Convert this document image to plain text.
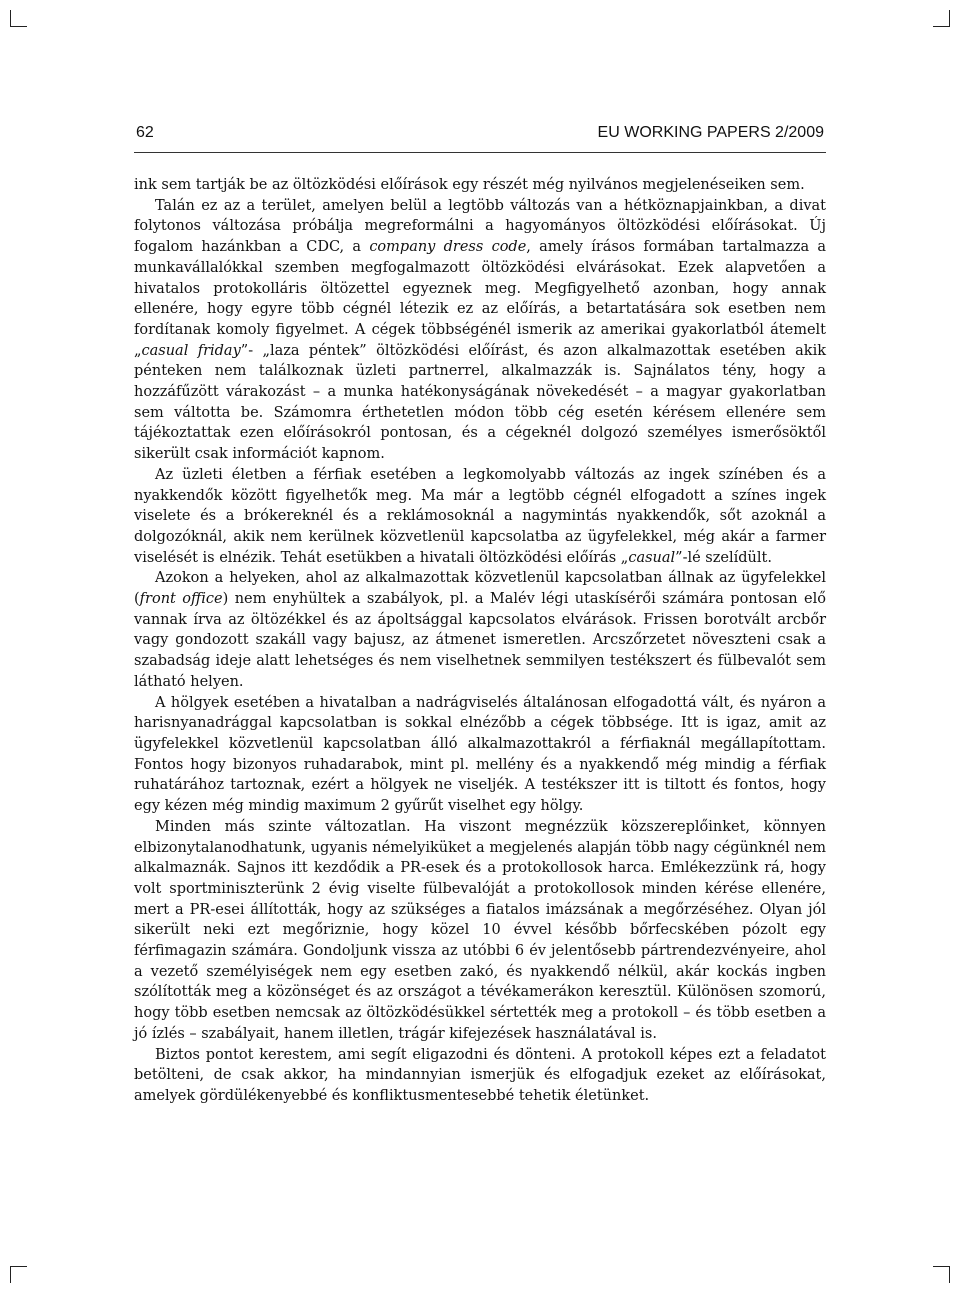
62	EU WORKING PAPERS 2/2009

ink sem tartják be az öltözködési előírások egy részét még nyilvános megjelenéseiken sem.

Talán ez az a terület, amelyen belül a legtöbb változás van a hétköznapjainkban, a divat folytonos változása próbálja megreformálni a hagyományos öltözködési előírásokat. Új fogalom hazánkban a CDC, a company dress code, amely írásos formában tartalmazza a munkavállalókkal szemben megfogalmazott öltözködési elvárásokat. Ezek alapvetően a hivatalos protokolláris öltözettel egyeznek meg. Megfigyelhető azonban, hogy annak ellenére, hogy egyre több cégnél létezik ez az előírás, a betartatására sok esetben nem fordítanak komoly figyelmet. A cégek többségénél ismerik az amerikai gyakorlatból átemelt „casual friday”- „laza péntek” öltözködési előírást, és azon alkalmazottak esetében akik pénteken nem találkoznak üzleti partnerrel, alkalmazzák is. Sajnálatos tény, hogy a hozzáfűzött várakozást – a munka hatékonyságának növekedését – a magyar gyakorlatban sem váltotta be. Számomra érthetetlen módon több cég esetén kérésem ellenére sem tájékoztattak ezen előírásokról pontosan, és a cégeknél dolgozó személyes ismerősöktől sikerült csak információt kapnom.

Az üzleti életben a férfiak esetében a legkomolyabb változás az ingek színében és a nyakkendők között figyelhetők meg. Ma már a legtöbb cégnél elfogadott a színes ingek viselete és a brókereknél és a reklámosoknál a nagymintás nyakkendők, sőt azoknál a dolgozóknál, akik nem kerülnek közvetlenül kapcsolatba az ügyfelekkel, még akár a farmer viselését is elnézik. Tehát esetükben a hivatali öltözködési előírás „casual”-lé szelídült.

Azokon a helyeken, ahol az alkalmazottak közvetlenül kapcsolatban állnak az ügyfelekkel (front office) nem enyhültek a szabályok, pl. a Malév légi utaskísérői számára pontosan elő vannak írva az öltözékkel és az ápoltsággal kapcsolatos elvárások. Frissen borotvált arcbőr vagy gondozott szakáll vagy bajusz, az átmenet ismeretlen. Arcszőrzetet növeszteni csak a szabadság ideje alatt lehetséges és nem viselhetnek semmilyen testékszert és fülbevalót sem látható helyen.

A hölgyek esetében a hivatalban a nadrágviselés általánosan elfogadottá vált, és nyáron a harisnyanadrággal kapcsolatban is sokkal elnézőbb a cégek többsége. Itt is igaz, amit az ügyfelekkel közvetlenül kapcsolatban álló alkalmazottakról a férfiaknál megállapítottam. Fontos hogy bizonyos ruhadarabok, mint pl. mellény és a nyakkendő még mindig a férfiak ruhatárához tartoznak, ezért a hölgyek ne viseljék. A testékszer itt is tiltott és fontos, hogy egy kézen még mindig maximum 2 gyűrűt viselhet egy hölgy.

Minden más szinte változatlan. Ha viszont megnézzük közszereplőinket, könnyen elbizonytalanodhatunk, ugyanis némelyiküket a megjelenés alapján több nagy cégünknél nem alkalmaznák. Sajnos itt kezdődik a PR-esek és a protokollosok harca. Emlékezzünk rá, hogy volt sportminiszterünk 2 évig viselte fülbevalóját a protokollosok minden kérése ellenére, mert a PR-esei állították, hogy az szükséges a fiatalos imázsának a megőrzéséhez. Olyan jól sikerült neki ezt megőriznie, hogy közel 10 évvel később bőrfecskében pózolt egy férfimagazin számára. Gondoljunk vissza az utóbbi 6 év jelentősebb pártrendezvényeire, ahol a vezető személyiségek nem egy esetben zakó, és nyakkendő nélkül, akár kockás ingben szólították meg a közönséget és az országot a tévékamerákon keresztül. Különösen szomorú, hogy több esetben nemcsak az öltözködésükkel sértették meg a protokoll – és több esetben a jó ízlés – szabályait, hanem illetlen, trágár kifejezések használatával is.

Biztos pontot kerestem, ami segít eligazodni és dönteni. A protokoll képes ezt a feladatot betölteni, de csak akkor, ha mindannyian ismerjük és elfogadjuk ezeket az előírásokat, amelyek gördülékenyebbé és konfliktusmentesebbé tehetik életünket.
